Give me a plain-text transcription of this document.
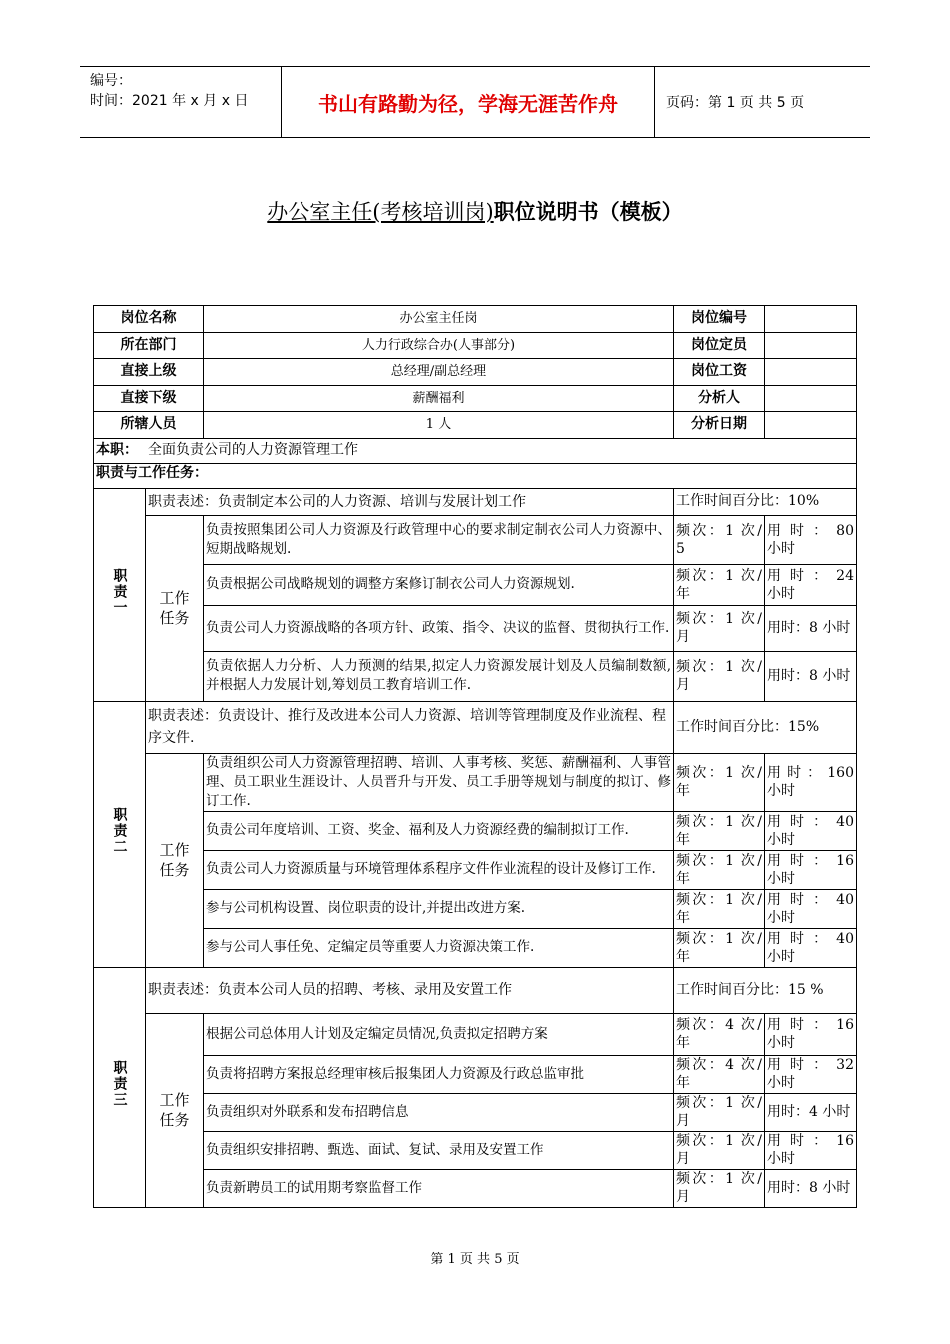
编号：
时间：2021 年 x 月 x 日	书山有路勤为径，学海无涯苦作舟	页码：第 1 页 共 5 页
办公室主任(考核培训岗)职位说明书（模板）
岗位名称		办公室主任岗	岗位编号	
所在部门		人力行政综合办(人事部分)	岗位定员	
直接上级		总经理/副总经理	岗位工资	
直接下级		薪酬福利	分析人	
所辖人员		1 人	分析日期	
本职： 全面负责公司的人力资源管理工作				
职责与工作任务：				
职责一	职责表述：负责制定本公司的人力资源、培训与发展计划工作		工作时间百分比：10%	
	工作任务	负责按照集团公司人力资源及行政管理中心的要求制定制衣公司人力资源中、短期战略规划.	频次：1 次/ 5	用 时 ： 80 小时
		负责根据公司战略规划的调整方案修订制衣公司人力资源规划.	频次：1 次/年	用 时 ： 24 小时
		负责公司人力资源战略的各项方针、政策、指令、决议的监督、贯彻执行工作.	频次：1 次/月	用时：8 小时
		负责依据人力分析、人力预测的结果,拟定人力资源发展计划及人员编制数额,并根据人力发展计划,筹划员工教育培训工作.	频次：1 次/月	用时：8 小时
职责二	职责表述：负责设计、推行及改进本公司人力资源、培训等管理制度及作业流程、程序文件.		工作时间百分比：15%	
	工作任务	负责组织公司人力资源管理招聘、培训、人事考核、奖惩、薪酬福利、人事管理、员工职业生涯设计、人员晋升与开发、员工手册等规划与制度的拟订、修订工作.	频次：1 次/年	用 时 ： 160 小时
		负责公司年度培训、工资、奖金、福利及人力资源经费的编制拟订工作.	频次：1 次/年	用 时 ： 40 小时
		负责公司人力资源质量与环境管理体系程序文件作业流程的设计及修订工作.	频次：1 次/年	用 时 ： 16 小时
		参与公司机构设置、岗位职责的设计,并提出改进方案.	频次：1 次/年	用 时 ： 40 小时
		参与公司人事任免、定编定员等重要人力资源决策工作.	频次：1 次/年	用 时 ： 40 小时
职责三	职责表述：负责本公司人员的招聘、考核、录用及安置工作		工作时间百分比：15 %	
	工作任务	根据公司总体用人计划及定编定员情况,负责拟定招聘方案	频次：4 次/年	用 时 ： 16 小时
		负责将招聘方案报总经理审核后报集团人力资源及行政总监审批	频次：4 次/年	用 时 ： 32 小时
		负责组织对外联系和发布招聘信息	频次：1 次/ 月	用时：4 小时
		负责组织安排招聘、甄选、面试、复试、录用及安置工作	频次：1 次/月	用 时 ： 16 小时
		负责新聘员工的试用期考察监督工作	频次：1 次/月	用时：8 小时
第 1 页 共 5 页
